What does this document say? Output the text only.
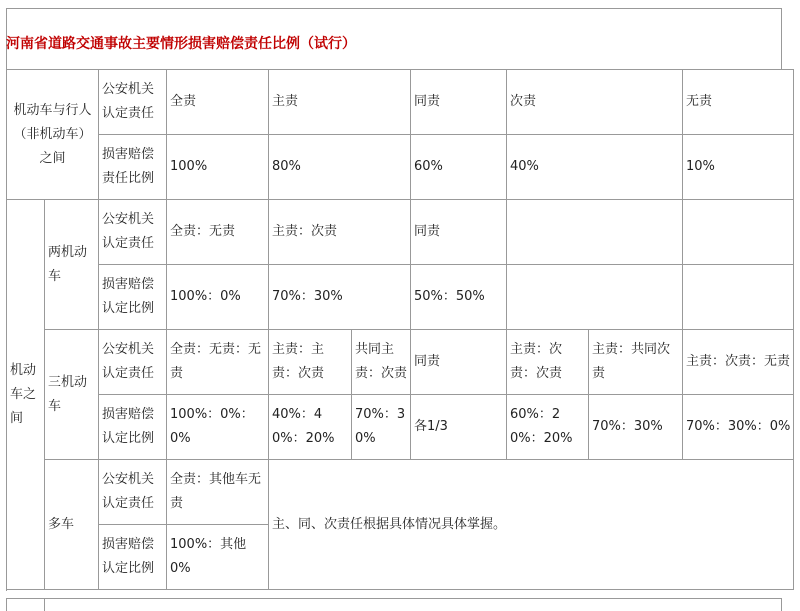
河南省道路交通事故主要情形损害赔偿责任比例（试行）
机动车与行人（非机动车）之间		公安机关认定责任	全责	主责		同责	次责		无责
		损害赔偿责任比例	100%	80%		60%	40%		10%
机动车之间	两机动车	公安机关认定责任	全责：无责	主责：次责		同责			
		损害赔偿认定比例	100%：0%	70%：30%		50%：50%			
	三机动车	公安机关认定责任	全责：无责：无责	主责：主责：次责	共同主责：次责	同责	主责：次责：次责	主责：共同次责	主责：次责：无责
		损害赔偿认定比例	100%：0%：0%	40%：40%：20%	70%：30%	各1/3	60%：20%：20%	70%：30%	70%：30%：0%
	多车	公安机关认定责任	全责：其他车无责	主、同、次责任根据具体情况具体掌握。					
		损害赔偿认定比例	100%：其他0%						
